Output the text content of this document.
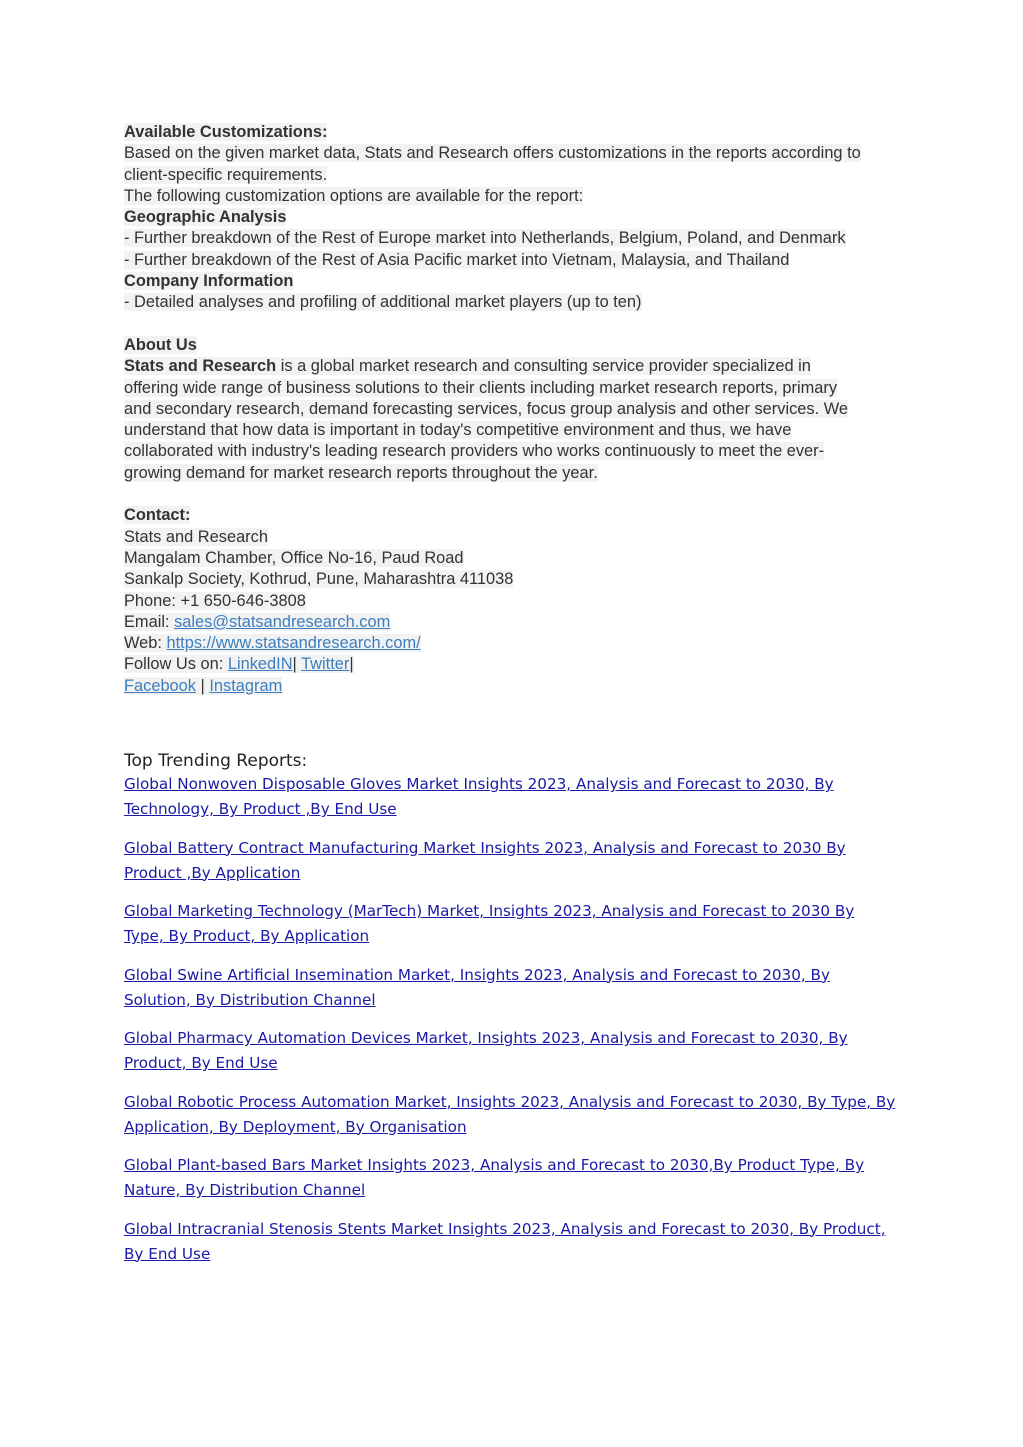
Available Customizations:
Based on the given market data, Stats and Research offers customizations in the reports according to
client-specific requirements.
The following customization options are available for the report:
Geographic Analysis
- Further breakdown of the Rest of Europe market into Netherlands, Belgium, Poland, and Denmark
- Further breakdown of the Rest of Asia Pacific market into Vietnam, Malaysia, and Thailand
Company Information
- Detailed analyses and profiling of additional market players (up to ten)
About Us
Stats and Research is a global market research and consulting service provider specialized in
offering wide range of business solutions to their clients including market research reports, primary
and secondary research, demand forecasting services, focus group analysis and other services. We
understand that how data is important in today's competitive environment and thus, we have
collaborated with industry's leading research providers who works continuously to meet the ever-
growing demand for market research reports throughout the year.
Contact:
Stats and Research
Mangalam Chamber, Office No-16, Paud Road
Sankalp Society, Kothrud, Pune, Maharashtra 411038
Phone: +1 650-646-3808
Email: sales@statsandresearch.com
Web: https://www.statsandresearch.com/
Follow Us on: LinkedIN| Twitter|
Facebook | Instagram
Top Trending Reports:
Global Nonwoven Disposable Gloves Market Insights 2023, Analysis and Forecast to 2030, By
Technology, By Product ,By End Use
Global Battery Contract Manufacturing Market Insights 2023, Analysis and Forecast to 2030 By
Product ,By Application
Global Marketing Technology (MarTech) Market, Insights 2023, Analysis and Forecast to 2030 By
Type, By Product, By Application
Global Swine Artificial Insemination Market, Insights 2023, Analysis and Forecast to 2030, By
Solution, By Distribution Channel
Global Pharmacy Automation Devices Market, Insights 2023, Analysis and Forecast to 2030, By
Product, By End Use
Global Robotic Process Automation Market, Insights 2023, Analysis and Forecast to 2030, By Type, By
Application, By Deployment, By Organisation
Global Plant-based Bars Market Insights 2023, Analysis and Forecast to 2030,By Product Type, By
Nature, By Distribution Channel
Global Intracranial Stenosis Stents Market Insights 2023, Analysis and Forecast to 2030, By Product,
By End Use
